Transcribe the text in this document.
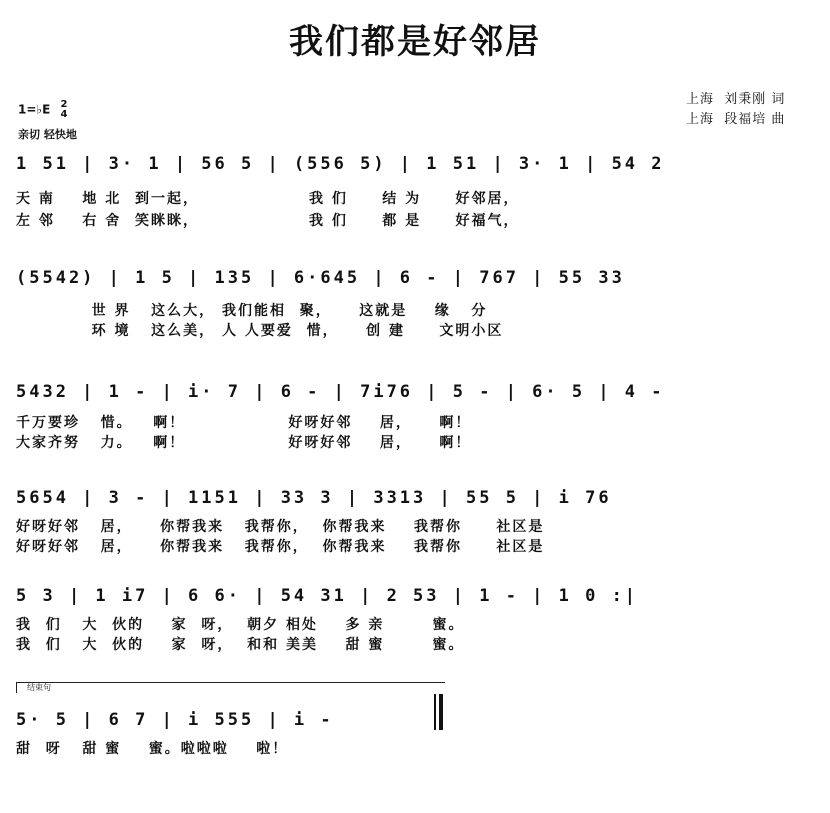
我们都是好邻居
上海  刘秉刚 词
上海  段福培 曲
1=♭E 2
4
亲切 轻快地
1 51 | 3· 1 | 56 5 | (556 5) | 1 51 | 3· 1 | 54 2
天 南    地 北  到一起，                我 们     结 为     好邻居，
左 邻    右 舍  笑眯眯，                我 们     都 是     好福气，
(5542) | 1 5 | 135 | 6·645 | 6 - | 767 | 55 33
世 界   这么大， 我们能相  聚，    这就是    缘   分
环 境   这么美， 人 人要爱  惜，    创 建     文明小区
5432 | 1 - | i· 7 | 6 - | 7i76 | 5 - | 6· 5 | 4 -
千万要珍   惜。   啊！               好呀好邻    居，    啊！
大家齐努   力。   啊！               好呀好邻    居，    啊！
5654 | 3 - | 1151 | 33 3 | 3313 | 55 5 | i 76
好呀好邻   居，    你帮我来   我帮你，  你帮我来    我帮你     社区是
好呀好邻   居，    你帮我来   我帮你，  你帮我来    我帮你     社区是
5 3 | 1 i7 | 6 6· | 54 31 | 2 53 | 1 - | 1 0 :|
我  们   大  伙的    家  呀，  朝夕 相处    多 亲       蜜。
我  们   大  伙的    家  呀，  和和 美美    甜 蜜       蜜。
结束句
5· 5 | 6 7 | i 555 | i -
甜  呀   甜 蜜    蜜。啦啦啦    啦！
